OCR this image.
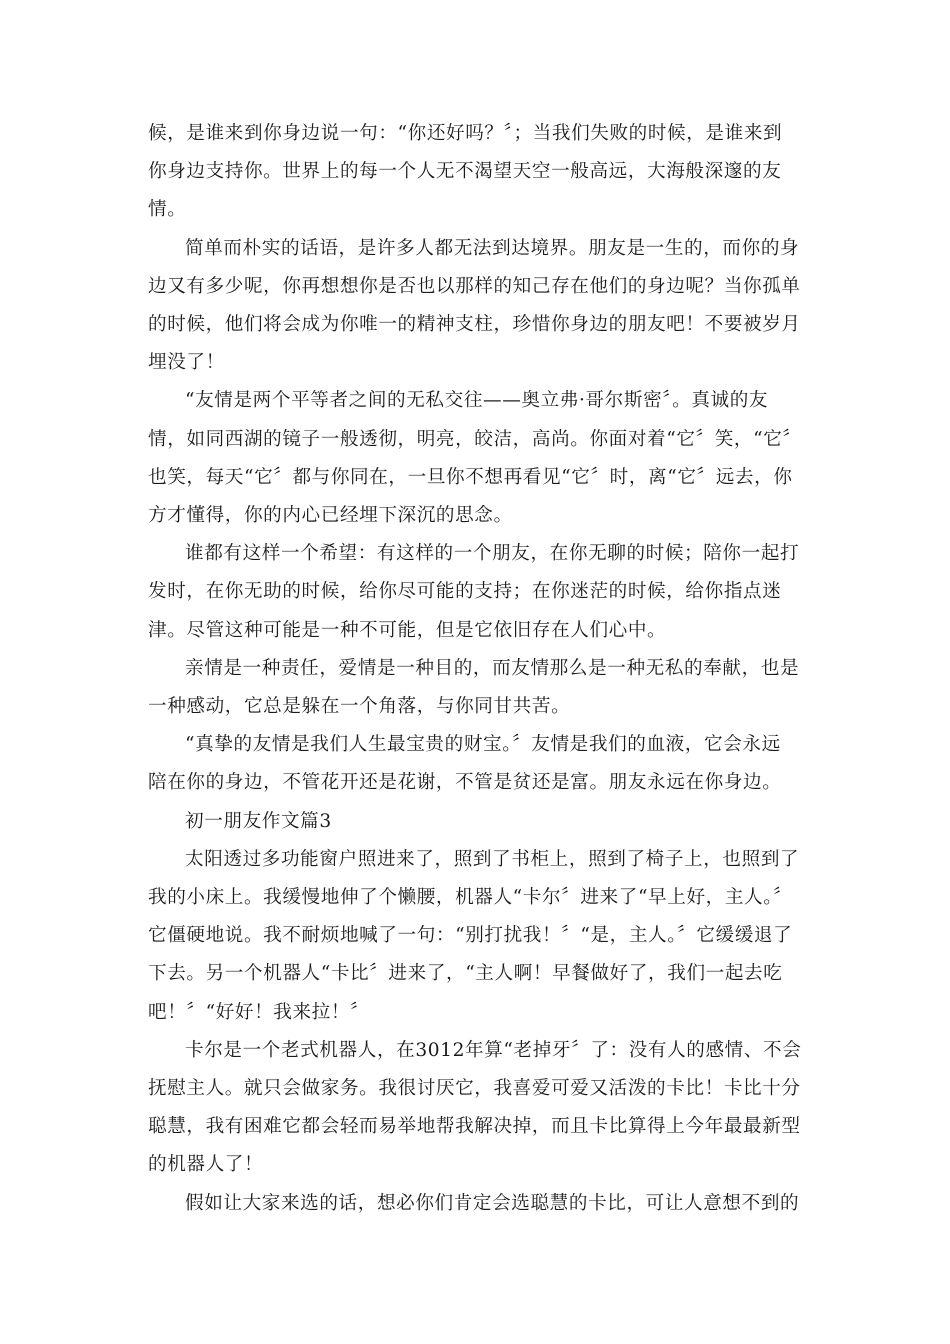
候，是谁来到你身边说一句：“你还好吗？〞；当我们失败的时候，是谁来到
你身边支持你。世界上的每一个人无不渴望天空一般高远，大海般深邃的友
情。
简单而朴实的话语，是许多人都无法到达境界。朋友是一生的，而你的身
边又有多少呢，你再想想你是否也以那样的知己存在他们的身边呢？当你孤单
的时候，他们将会成为你唯一的精神支柱，珍惜你身边的朋友吧！不要被岁月
埋没了！
“友情是两个平等者之间的无私交往——奥立弗·哥尔斯密〞。真诚的友
情，如同西湖的镜子一般透彻，明亮，皎洁，高尚。你面对着“它〞笑，“它〞
也笑，每天“它〞都与你同在，一旦你不想再看见“它〞时，离“它〞远去，你
方才懂得，你的内心已经埋下深沉的思念。
谁都有这样一个希望：有这样的一个朋友，在你无聊的时候；陪你一起打
发时，在你无助的时候，给你尽可能的支持；在你迷茫的时候，给你指点迷
津。尽管这种可能是一种不可能，但是它依旧存在人们心中。
亲情是一种责任，爱情是一种目的，而友情那么是一种无私的奉献，也是
一种感动，它总是躲在一个角落，与你同甘共苦。
“真挚的友情是我们人生最宝贵的财宝。〞友情是我们的血液，它会永远
陪在你的身边，不管花开还是花谢，不管是贫还是富。朋友永远在你身边。
初一朋友作文篇3
太阳透过多功能窗户照进来了，照到了书柜上，照到了椅子上，也照到了
我的小床上。我缓慢地伸了个懒腰，机器人“卡尔〞进来了“早上好，主人。〞
它僵硬地说。我不耐烦地喊了一句：“别打扰我！〞“是，主人。〞它缓缓退了
下去。另一个机器人“卡比〞进来了，“主人啊！早餐做好了，我们一起去吃
吧！〞“好好！我来拉！〞
卡尔是一个老式机器人，在3012年算“老掉牙〞了：没有人的感情、不会
抚慰主人。就只会做家务。我很讨厌它，我喜爱可爱又活泼的卡比！卡比十分
聪慧，我有困难它都会轻而易举地帮我解决掉，而且卡比算得上今年最最新型
的机器人了！
假如让大家来选的话，想必你们肯定会选聪慧的卡比，可让人意想不到的
